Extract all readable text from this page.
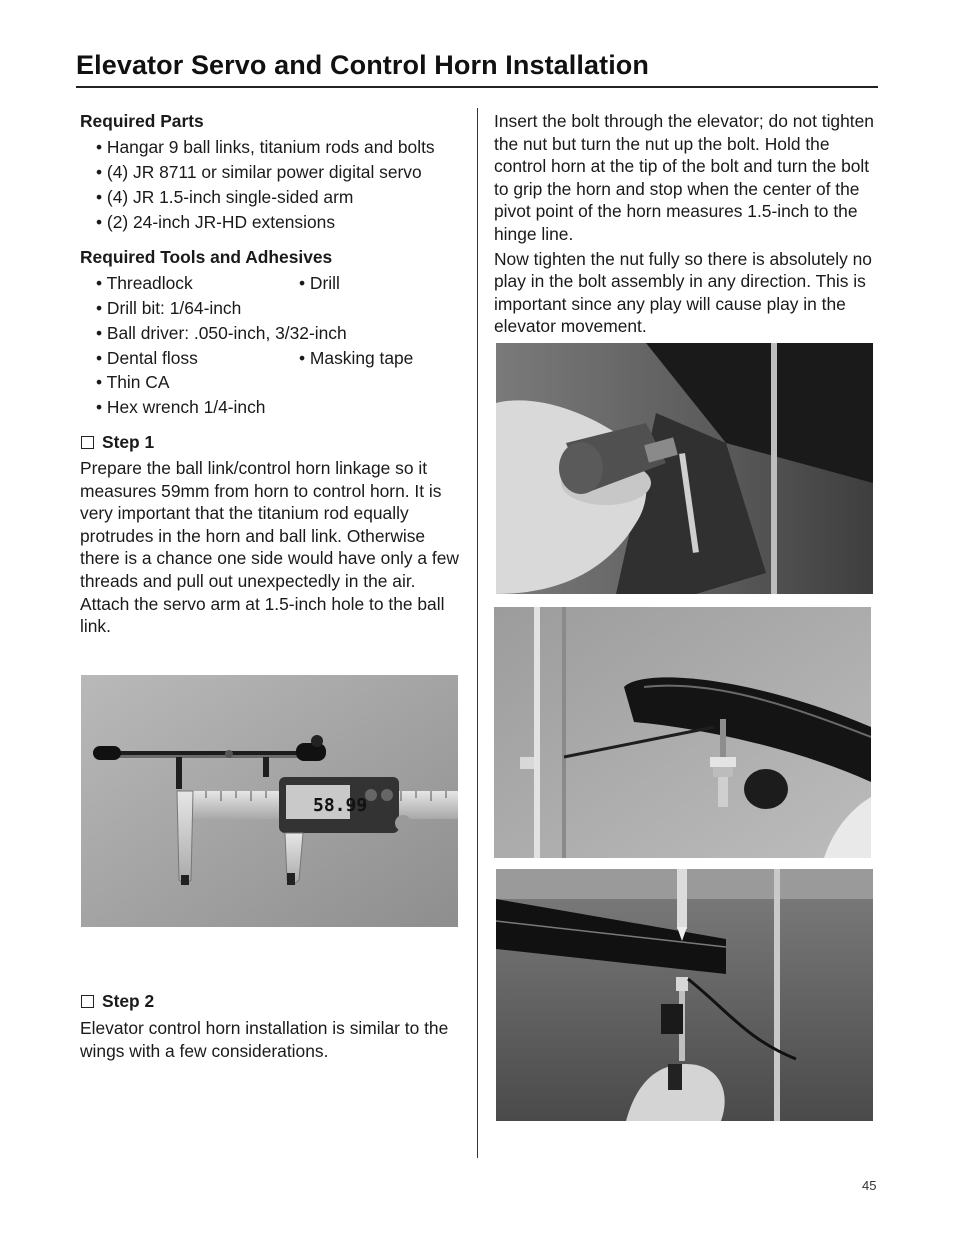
Elevator Servo and Control Horn Installation

Required Parts

• Hangar 9 ball links, titanium rods and bolts
• (4) JR 8711 or similar power digital servo
• (4) JR 1.5-inch single-sided arm
• (2) 24-inch JR-HD extensions

Required Tools and Adhesives

• Threadlock	• Drill
• Drill bit: 1/64-inch
• Ball driver: .050-inch, 3/32-inch
• Dental floss	• Masking tape
• Thin CA
• Hex wrench 1/4-inch

Step 1

Prepare the ball link/control horn linkage so it measures 59mm from horn to control horn. It is very important that the titanium rod equally protrudes in the horn and ball link. Otherwise there is a chance one side would have only a few threads and pull out unexpectedly in the air. Attach the servo arm at 1.5-inch hole to the ball link.

58.99

Step 2

Elevator control horn installation is similar to the wings with a few considerations.

Insert the bolt through the elevator; do not tighten the nut but turn the nut up the bolt. Hold the control horn at the tip of the bolt and turn the bolt to grip the horn and stop when the center of the pivot point of the horn measures 1.5-inch to the hinge line.

Now tighten the nut fully so there is absolutely no play in the bolt assembly in any direction. This is important since any play will cause play in the elevator movement.

45
